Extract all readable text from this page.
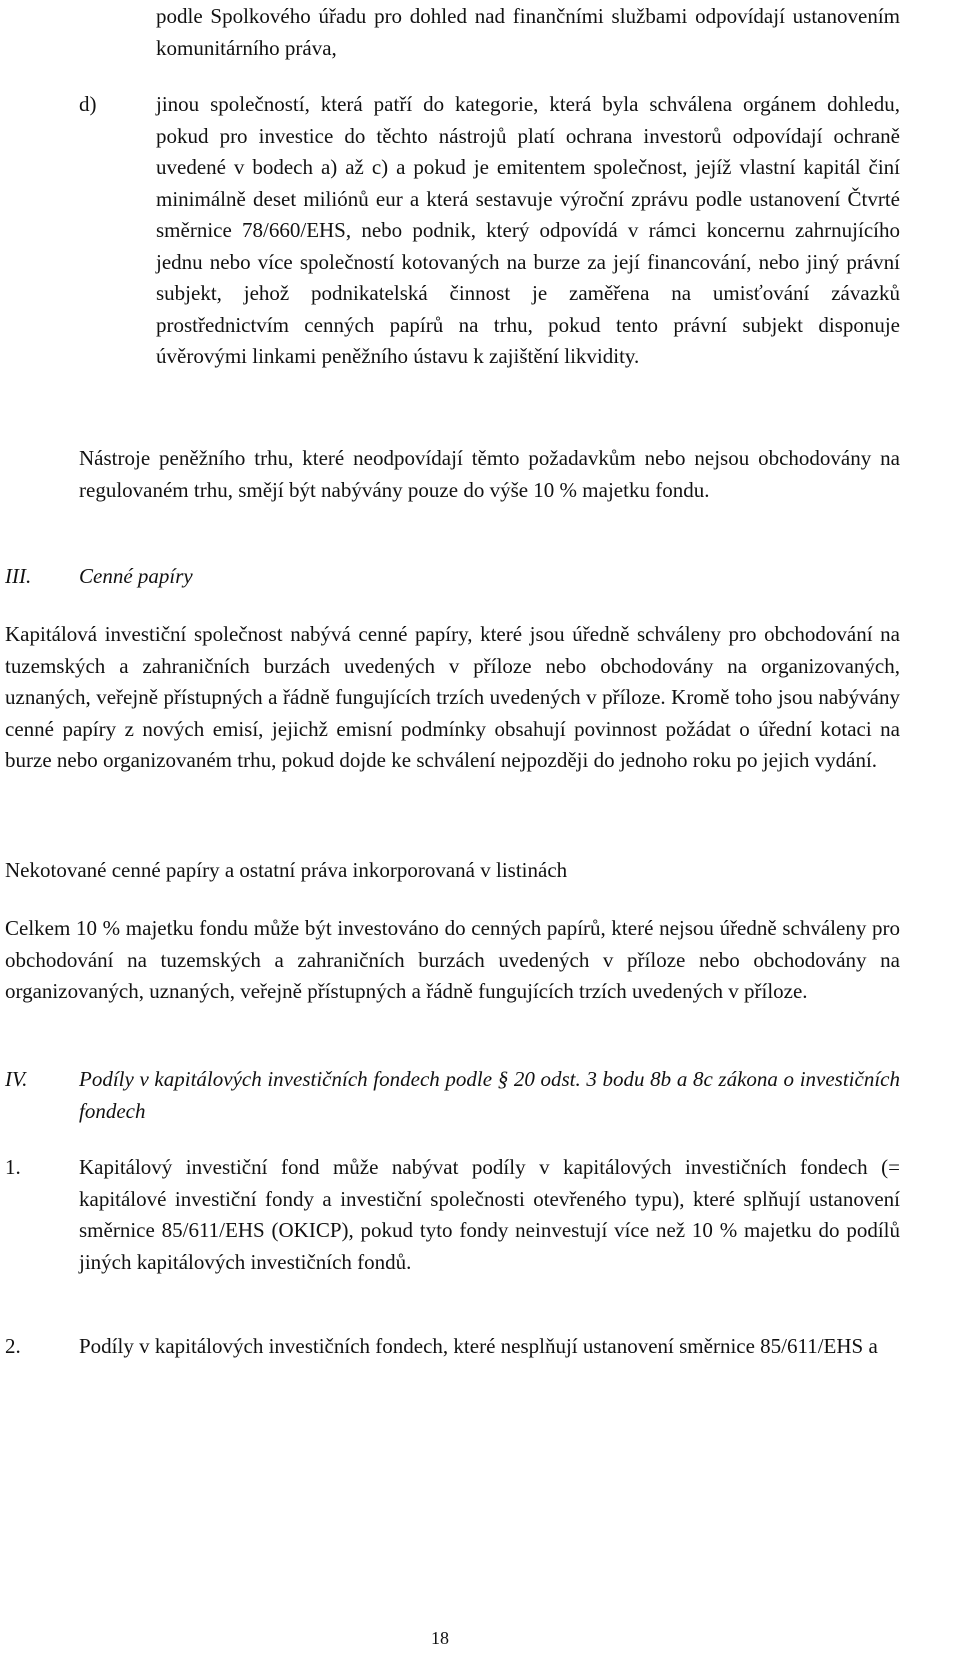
podle Spolkového úřadu pro dohled nad finančními službami odpovídají ustanovením komunitárního práva,

d)	jinou společností, která patří do kategorie, která byla schválena orgánem dohledu, pokud pro investice do těchto nástrojů platí ochrana investorů odpovídají ochraně uvedené v bodech a) až c) a pokud je emitentem společnost, jejíž vlastní kapitál činí minimálně deset miliónů eur a která sestavuje výroční zprávu podle ustanovení Čtvrté směrnice 78/660/EHS, nebo podnik, který odpovídá v rámci koncernu zahrnujícího jednu nebo více společností kotovaných na burze za její financování, nebo jiný právní subjekt, jehož podnikatelská činnost je zaměřena na umisťování závazků prostřednictvím cenných papírů na trhu, pokud tento právní subjekt disponuje úvěrovými linkami peněžního ústavu k zajištění likvidity.

Nástroje peněžního trhu, které neodpovídají těmto požadavkům nebo nejsou obchodovány na regulovaném trhu, smějí být nabývány pouze do výše 10 % majetku fondu.

III. Cenné papíry

Kapitálová investiční společnost nabývá cenné papíry, které jsou úředně schváleny pro obchodování na tuzemských a zahraničních burzách uvedených v příloze nebo obchodovány na organizovaných, uznaných, veřejně přístupných a řádně fungujících trzích uvedených v příloze. Kromě toho jsou nabývány cenné papíry z nových emisí, jejichž emisní podmínky obsahují povinnost požádat o úřední kotaci na burze nebo organizovaném trhu, pokud dojde ke schválení nejpozději do jednoho roku po jejich vydání.

Nekotované cenné papíry a ostatní práva inkorporovaná v listinách

Celkem 10 % majetku fondu může být investováno do cenných papírů, které nejsou úředně schváleny pro obchodování na tuzemských a zahraničních burzách uvedených v příloze nebo obchodovány na organizovaných, uznaných, veřejně přístupných a řádně fungujících trzích uvedených v příloze.

IV. Podíly v kapitálových investičních fondech podle § 20 odst. 3 bodu 8b a 8c zákona o investičních fondech

1.	Kapitálový investiční fond může nabývat podíly v kapitálových investičních fondech (= kapitálové investiční fondy a investiční společnosti otevřeného typu), které splňují ustanovení směrnice 85/611/EHS (OKICP), pokud tyto fondy neinvestují více než 10 % majetku do podílů jiných kapitálových investičních fondů.

2.	Podíly v kapitálových investičních fondech, které nesplňují ustanovení směrnice 85/611/EHS a

18
